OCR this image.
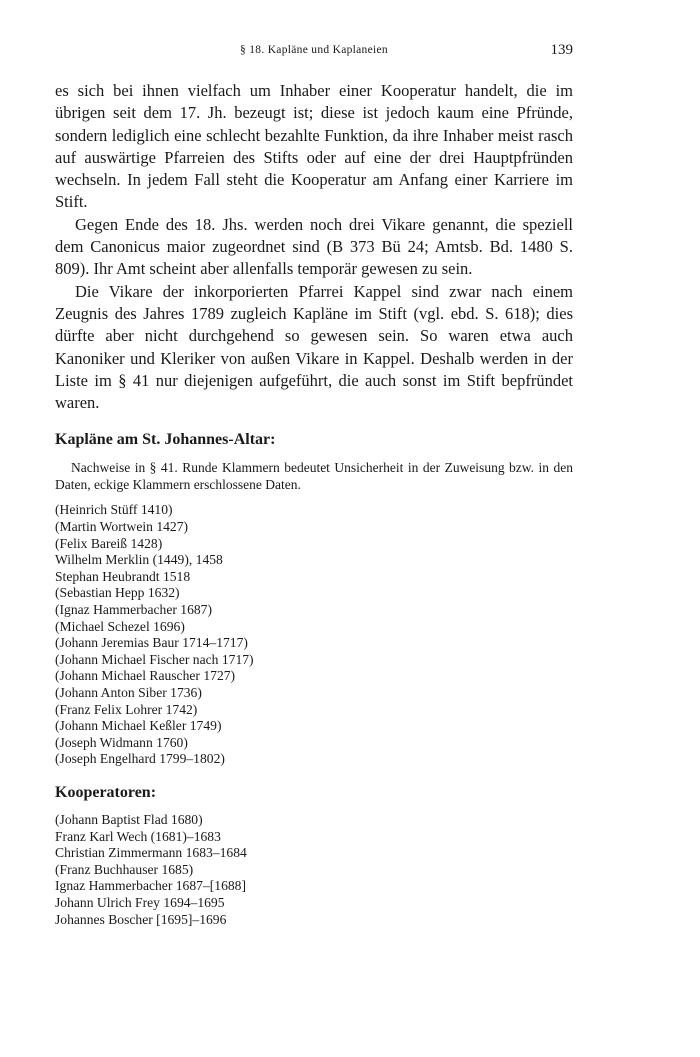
§ 18. Kapläne und Kaplaneien	139

es sich bei ihnen vielfach um Inhaber einer Kooperatur handelt, die im übrigen seit dem 17. Jh. bezeugt ist; diese ist jedoch kaum eine Pfründe, sondern lediglich eine schlecht bezahlte Funktion, da ihre Inhaber meist rasch auf auswärtige Pfarreien des Stifts oder auf eine der drei Hauptpfründen wechseln. In jedem Fall steht die Kooperatur am Anfang einer Karriere im Stift.

Gegen Ende des 18. Jhs. werden noch drei Vikare genannt, die speziell dem Canonicus maior zugeordnet sind (B 373 Bü 24; Amtsb. Bd. 1480 S. 809). Ihr Amt scheint aber allenfalls temporär gewesen zu sein.

Die Vikare der inkorporierten Pfarrei Kappel sind zwar nach einem Zeugnis des Jahres 1789 zugleich Kapläne im Stift (vgl. ebd. S. 618); dies dürfte aber nicht durchgehend so gewesen sein. So waren etwa auch Kanoniker und Kleriker von außen Vikare in Kappel. Deshalb werden in der Liste im § 41 nur diejenigen aufgeführt, die auch sonst im Stift bepfründet waren.

Kapläne am St. Johannes-Altar:

Nachweise in § 41. Runde Klammern bedeutet Unsicherheit in der Zuweisung bzw. in den Daten, eckige Klammern erschlossene Daten.

(Heinrich Stüff 1410)
(Martin Wortwein 1427)
(Felix Bareiß 1428)
Wilhelm Merklin (1449), 1458
Stephan Heubrandt 1518
(Sebastian Hepp 1632)
(Ignaz Hammerbacher 1687)
(Michael Schezel 1696)
(Johann Jeremias Baur 1714–1717)
(Johann Michael Fischer nach 1717)
(Johann Michael Rauscher 1727)
(Johann Anton Siber 1736)
(Franz Felix Lohrer 1742)
(Johann Michael Keßler 1749)
(Joseph Widmann 1760)
(Joseph Engelhard 1799–1802)
Kooperatoren:
(Johann Baptist Flad 1680)
Franz Karl Wech (1681)–1683
Christian Zimmermann 1683–1684
(Franz Buchhauser 1685)
Ignaz Hammerbacher 1687–[1688]
Johann Ulrich Frey 1694–1695
Johannes Boscher [1695]–1696
